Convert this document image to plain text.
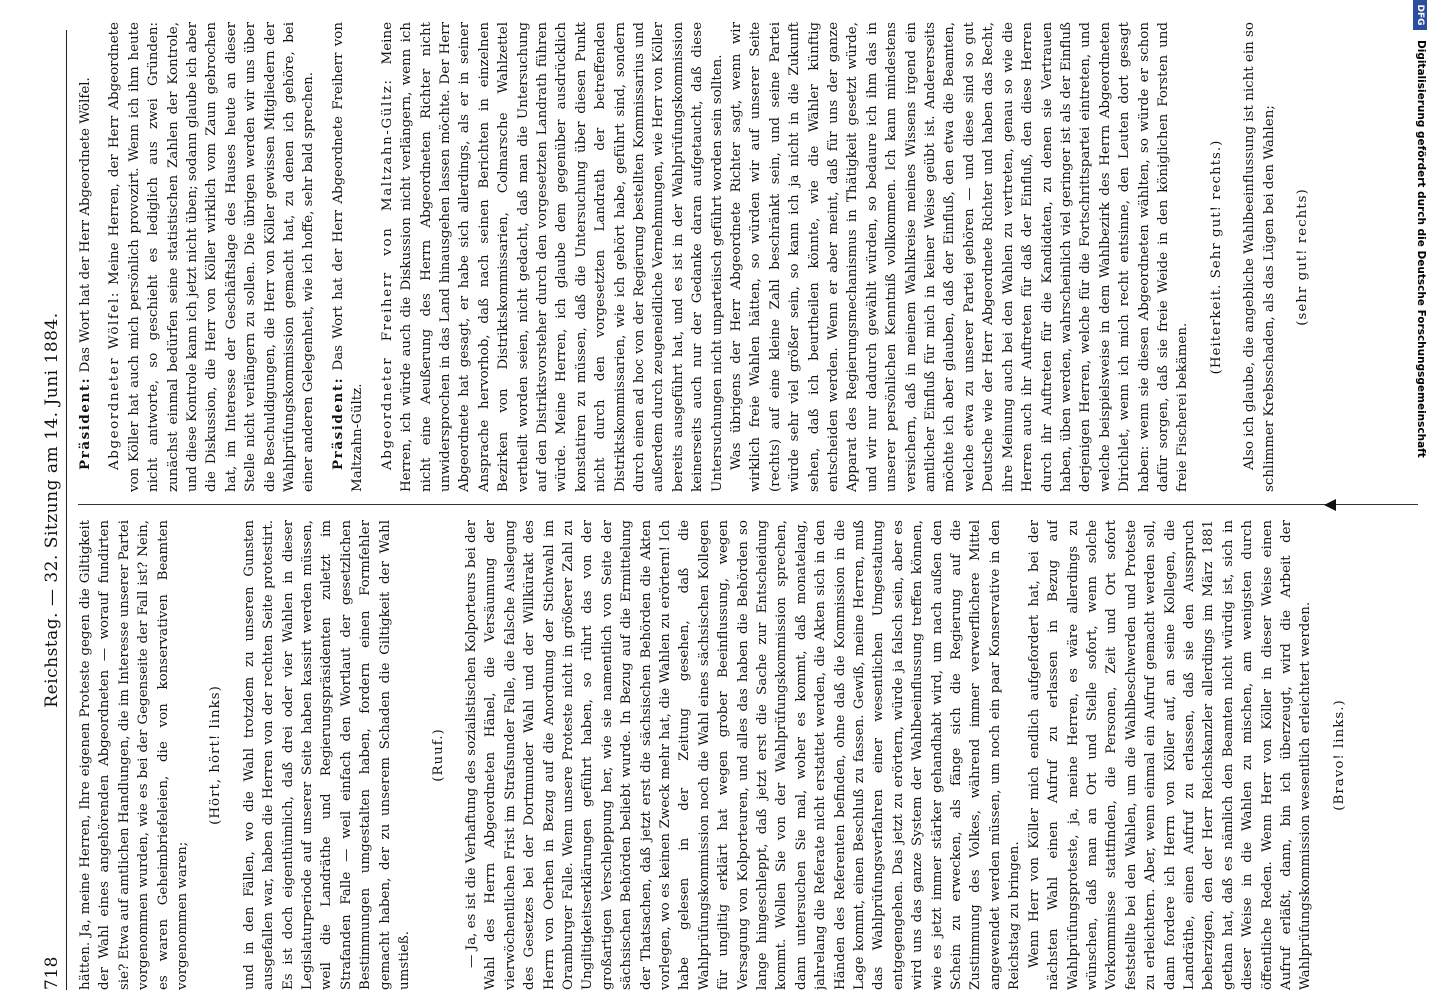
718
Reichstag. — 32. Sitzung am 14. Juni 1884.

hätten. Ja, meine Herren, Ihre eigenen Proteste gegen die Giltigkeit der Wahl eines angehörenden Abgeordneten — worauf fundirten sie? Etwa auf amtlichen Handlungen, die im Interesse unserer Partei vorgenommen wurden, wie es bei der Gegenseite der Fall ist? Nein, es waren Geheimbriefeleien, die von konservativen Beamten vorgenommen waren;

(Hört, hört! links) und in den Fällen, wo die Wahl trotzdem zu unseren Gunsten ausgefallen war, haben die Herren von der rechten Seite protestirt. Es ist doch eigenthümlich, daß drei oder vier Wahlen in dieser Legislaturperiode auf unserer Seite haben kassirt werden müssen, weil die Landräthe und Regierungspräsidenten zuletzt im Strafanden Falle — weil einfach den Wortlaut der gesetzlichen Bestimmungen umgestalten haben, fordern einen Formfehler gemacht haben, der zu unserem Schaden die Giltigkeit der Wahl umstieß.

(Ruuf.) — Ja, es ist die Verhaftung des sozialistischen Kolporteurs bei der Wahl des Herrn Abgeordneten Hänel, die Versäumung der vierwöchentlichen Frist im Strafsunder Falle, die falsche Auslegung des Gesetzes bei der Dortmunder Wahl und der Willkürakt des Herrn von Oerhen in Bezug auf die Anordnung der Stichwahl im Oramburger Falle. Wenn unsere Proteste nicht in größerer Zahl zu Ungiltigkeitserklärungen geführt haben, so rührt das von der großartigen Verschleppung her, wie sie namentlich von Seite der sächsischen Behörden beliebt wurde. In Bezug auf die Ermittelung der Thatsachen, daß jetzt erst die sächsischen Behörden die Akten vorlegen, wo es keinen Zweck mehr hat, die Wahlen zu erörtern! Ich habe gelesen in der Zeitung gesehen, daß die Wahlprüfungskommission noch die Wahl eines sächsischen Kollegen für ungiltig erklärt hat wegen grober Beeinflussung, wegen Versagung von Kolporteuren, und alles das haben die Behörden so lange hingeschleppt, daß jetzt erst die Sache zur Entscheidung kommt. Wollen Sie von der Wahlprüfungskommission sprechen, dann untersuchen Sie mal, woher es kommt, daß monatelang, jahrelang die Referate nicht erstattet werden, die Akten sich in den Händen des Referenten befinden, ohne daß die Kommission in die Lage kommt, einen Beschluß zu fassen. Gewiß, meine Herren, muß das Wahlprüfungsverfahren einer wesentlichen Umgestaltung entgegengehen. Das jetzt zu erörtern, würde ja falsch sein, aber es wird uns das ganze System der Wahlbeeinflussung treffen können, wie es jetzt immer stärker gehandhabt wird, um nach außen den Schein zu erwecken, als fänge sich die Regierung auf die Zustimmung des Volkes, während immer verwerflichere Mittel angewendet werden müssen, um noch ein paar Konservative in den Reichstag zu bringen. Wenn Herr von Köller mich endlich aufgefordert hat, bei der nächsten Wahl einen Aufruf zu erlassen in Bezug auf Wahlprüfungsproteste, ja, meine Herren, es wäre allerdings zu wünschen, daß man an Ort und Stelle sofort, wenn solche Vorkommnisse stattfinden, die Personen, Zeit und Ort sofort feststellte bei den Wahlen, um die Wahlbeschwerden und Proteste zu erleichtern. Aber, wenn einmal ein Aufruf gemacht werden soll, dann fordere ich Herrn von Köller auf, an seine Kollegen, die Landräthe, einen Aufruf zu erlassen, daß sie den Ausspruch beherzigen, den der Herr Reichskanzler allerdings im März 1881 gethan hat, daß es nämlich den Beamten nicht würdig ist, sich in dieser Weise in die Wahlen zu mischen, am wenigsten durch öffentliche Reden. Wenn Herr von Köller in dieser Weise einen Aufruf erläßt, dann, bin ich überzeugt, wird die Arbeit der Wahlprüfungskommission wesentlich erleichtert werden. (Bravo! links.)

Präsident: Das Wort hat der Herr Abgeordnete Wölfel.

Abgeordneter Wölfel: Meine Herren, der Herr Abgeordnete von Köller hat auch mich persönlich provozirt. Wenn ich ihm heute nicht antworte, so geschieht es lediglich aus zwei Gründen: zunächst einmal bedürfen seine statistischen Zahlen der Kontrole, und diese Kontrole kann ich jetzt nicht üben; sodann glaube ich aber die Diskussion, die Herr von Köller wirklich vom Zaun gebrochen hat, im Interesse der Geschäftslage des Hauses heute an dieser Stelle nicht verlängern zu sollen. Die übrigen werden wir uns über die Beschuldigungen, die Herr von Köller gewissen Mitgliedern der Wahlprüfungskommission gemacht hat, zu denen ich gehöre, bei einer anderen Gelegenheit, wie ich hoffe, sehr bald sprechen. Präsident: Das Wort hat der Herr Abgeordnete Freiherr von Maltzahn-Gültz. Abgeordneter Freiherr von Maltzahn-Gültz: Meine Herren, ich würde auch die Diskussion nicht verlängern, wenn ich nicht eine Aeußerung des Herrn Abgeordneten Richter nicht unwidersprochen in das Land hinausgehen lassen möchte. Der Herr Abgeordnete hat gesagt, er habe sich allerdings, als er in seiner Ansprache hervorhob, daß nach seinen Berichten in einzelnen Bezirken von Distriktskommissarien, Colmarsche Wahlzettel vertheilt worden seien, nicht gedacht, daß man die Untersuchung auf den Distriktsvorsteher durch den vorgesetzten Landrath führen würde. Meine Herren, ich glaube dem gegenüber ausdrücklich konstatiren zu müssen, daß die Untersuchung über diesen Punkt nicht durch den vorgesetzten Landrath der betreffenden Distriktskommissarien, wie ich gehört habe, geführt sind, sondern durch einen ad hoc von der Regierung bestellten Kommissarius und außerdem durch zeugeneidliche Vernehmungen, wie Herr von Köller bereits ausgeführt hat, und es ist in der Wahlprüfungskommission keinerseits auch nur der Gedanke daran aufgetaucht, daß diese Untersuchungen nicht unparteiisch geführt worden sein sollten. Was übrigens der Herr Abgeordnete Richter sagt, wenn wir wirklich freie Wahlen hätten, so würden wir auf unserer Seite (rechts) auf eine kleine Zahl beschränkt sein, und seine Partei würde sehr viel größer sein, so kann ich ja nicht in die Zukunft sehen, daß ich beurtheilen könnte, wie die Wähler künftig entscheiden werden. Wenn er aber meint, daß für uns der ganze Apparat des Regierungsmechanismus in Thätigkeit gesetzt würde, und wir nur dadurch gewählt würden, so bedaure ich ihm das in unserer persönlichen Kenntniß vollkommen. Ich kann mindestens versichern, daß in meinem Wahlkreise meines Wissens irgend ein amtlicher Einfluß für mich in keiner Weise geübt ist. Andererseits möchte ich aber glauben, daß der Einfluß, den etwa die Beamten, welche etwa zu unserer Partei gehören — und diese sind so gut Deutsche wie der Herr Abgeordnete Richter und haben das Recht, ihre Meinung auch bei den Wahlen zu vertreten, genau so wie die Herren auch ihr Auftreten für daß der Einfluß, den diese Herren durch ihr Auftreten für die Kandidaten, zu denen sie Vertrauen haben, üben werden, wahrscheinlich viel geringer ist als der Einfluß derjenigen Herren, welche für die Fortschrittspartei eintreten, und welche beispielsweise in dem Wahlbezirk des Herrn Abgeordneten Dirichlet, wenn ich mich recht entsinne, den Leuten dort gesagt haben: wenn sie diesen Abgeordneten wählten, so würde er schon dafür sorgen, daß sie freie Weide in den königlichen Forsten und freie Fischerei bekämen.

(Heiterkeit. Sehr gut! rechts.) Also ich glaube, die angebliche Wahlbeeinflussung ist nicht ein so schlimmer Krebsschaden, als das Lügen bei den Wahlen; (sehr gut! rechts)

DFG
Digitalisierung gefördert durch die Deutsche Forschungsgemeinschaft
